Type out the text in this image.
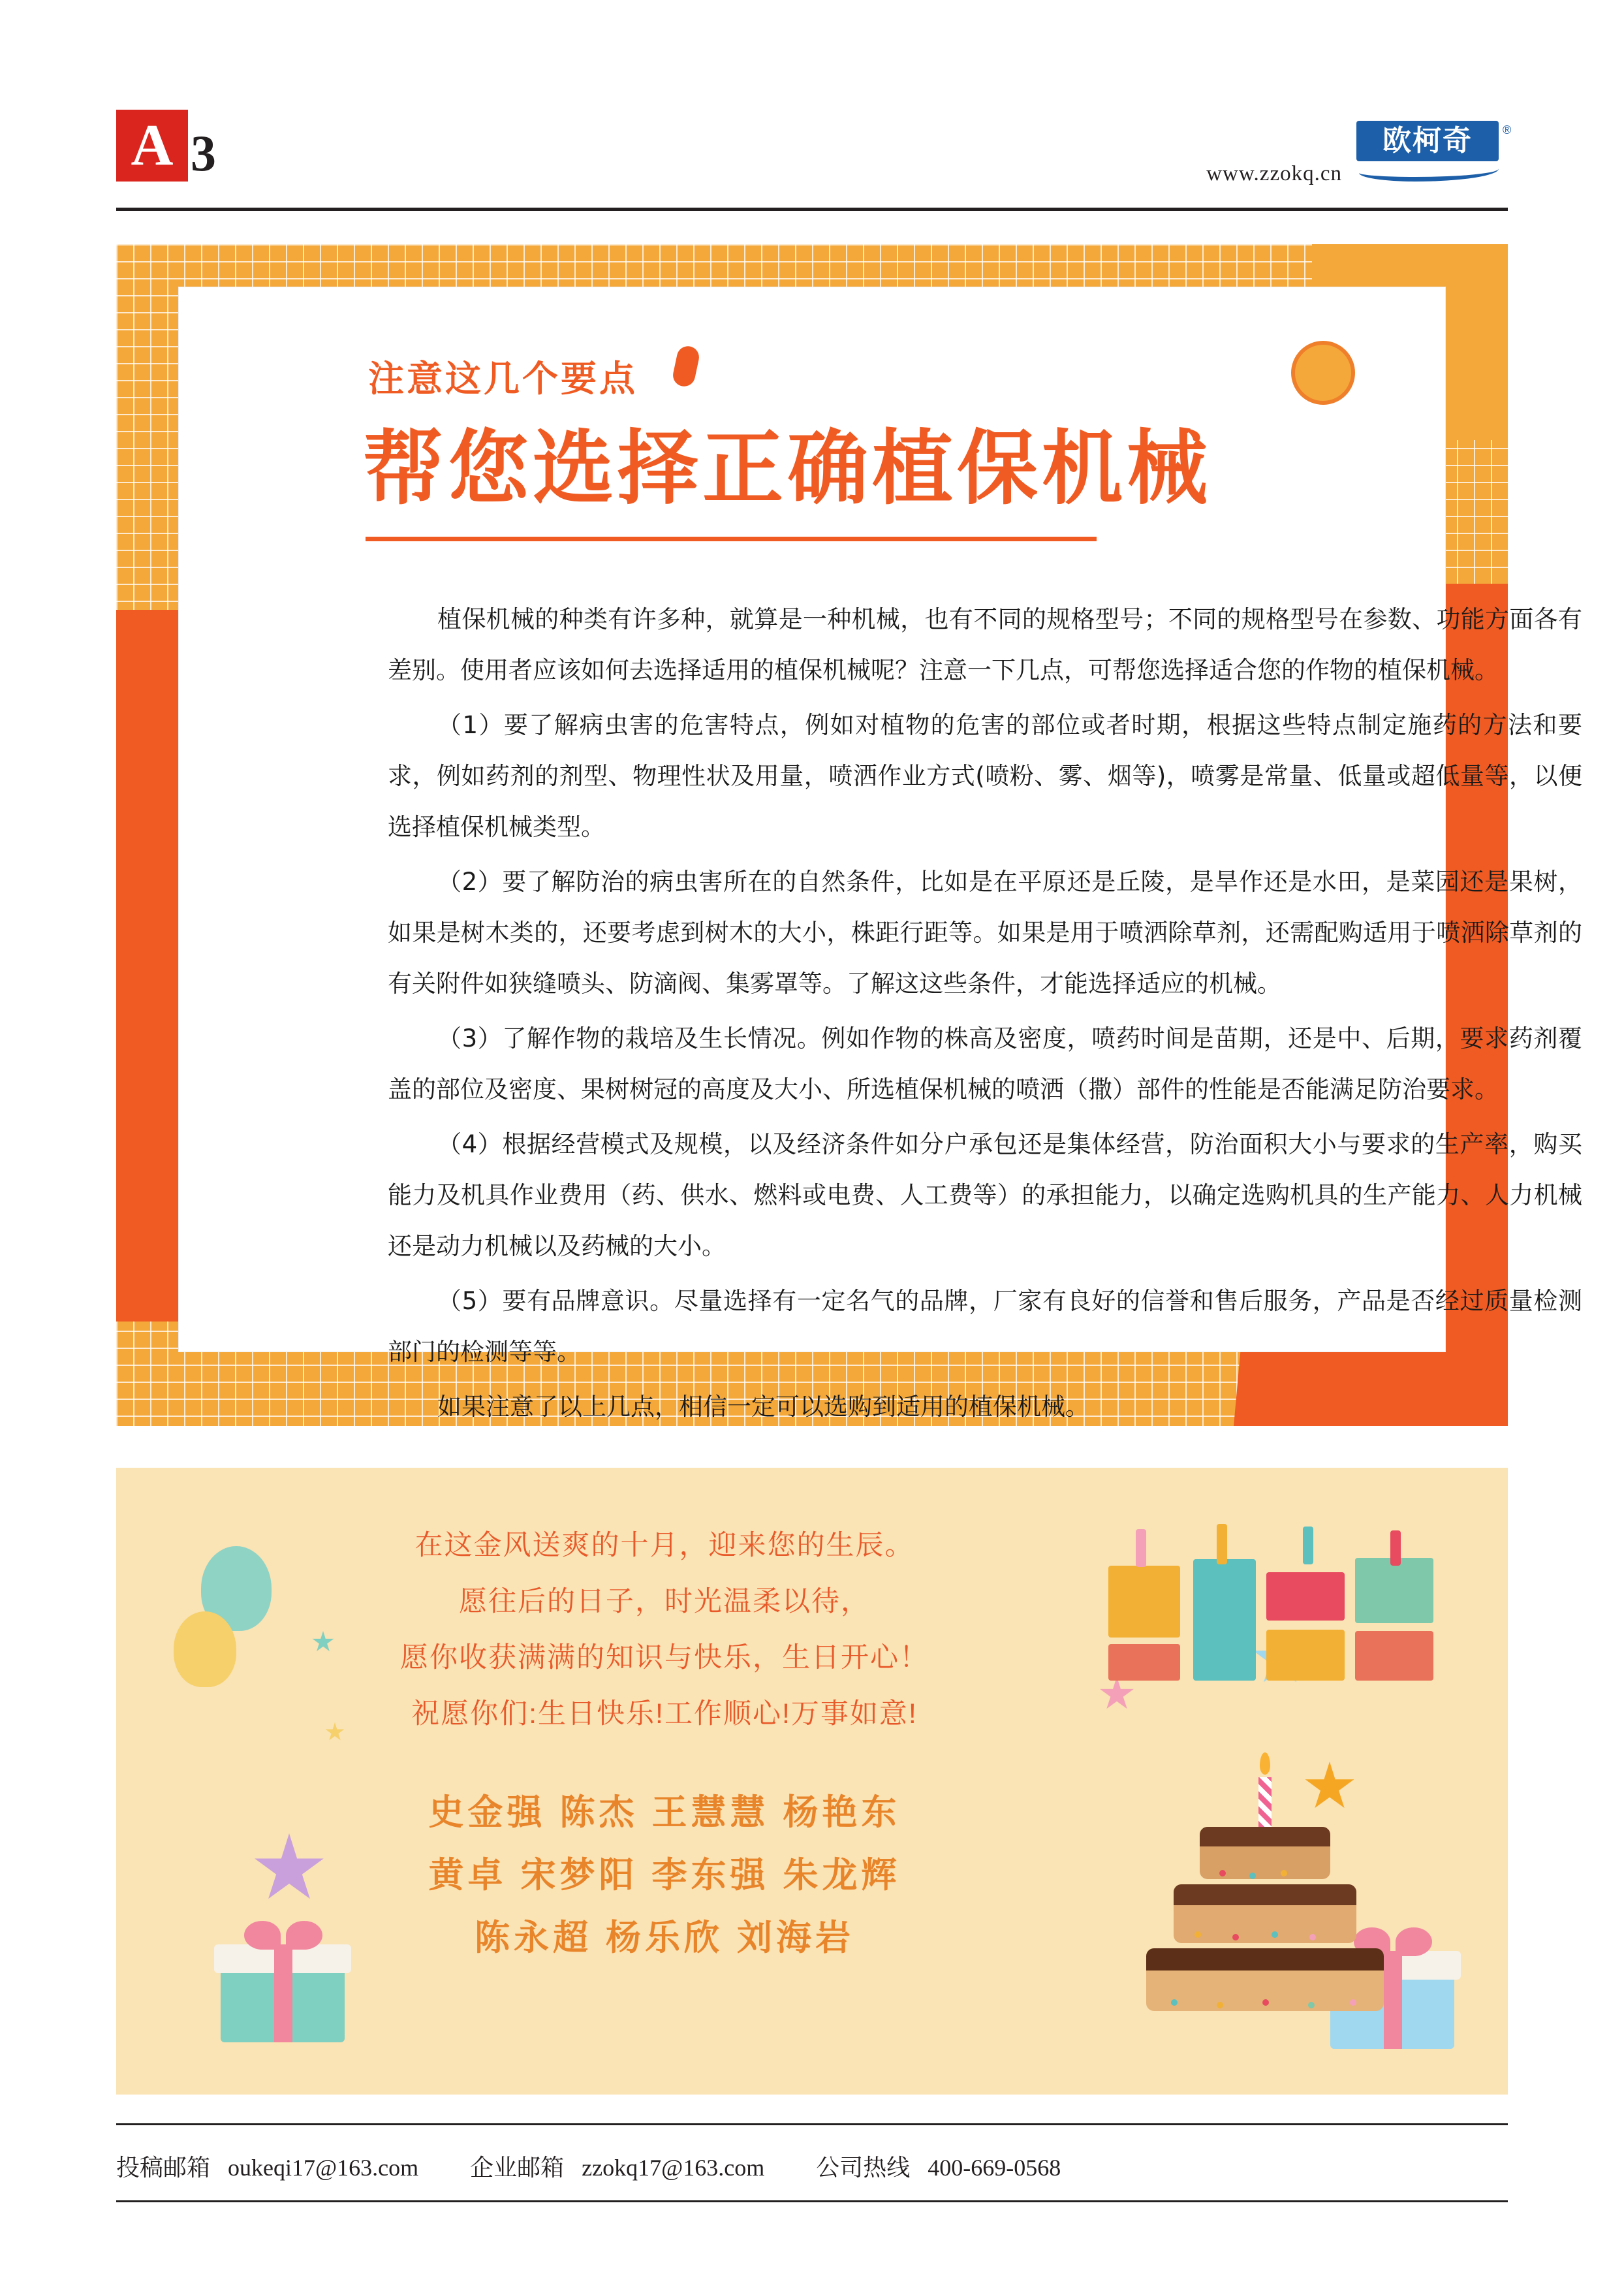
A 3	www.zzokq.cn
欧柯奇	®
注意这几个要点
帮您选择正确植保机械

植保机械的种类有许多种，就算是一种机械，也有不同的规格型号；不同的规格型号在参数、功能方面各有差别。使用者应该如何去选择适用的植保机械呢？注意一下几点，可帮您选择适合您的作物的植保机械。

（1）要了解病虫害的危害特点，例如对植物的危害的部位或者时期，根据这些特点制定施药的方法和要求，例如药剂的剂型、物理性状及用量，喷洒作业方式(喷粉、雾、烟等)，喷雾是常量、低量或超低量等，以便选择植保机械类型。

（2）要了解防治的病虫害所在的自然条件，比如是在平原还是丘陵，是旱作还是水田，是菜园还是果树，如果是树木类的，还要考虑到树木的大小，株距行距等。如果是用于喷洒除草剂，还需配购适用于喷洒除草剂的有关附件如狭缝喷头、防滴阀、集雾罩等。了解这这些条件，才能选择适应的机械。

（3）了解作物的栽培及生长情况。例如作物的株高及密度，喷药时间是苗期，还是中、后期，要求药剂覆盖的部位及密度、果树树冠的高度及大小、所选植保机械的喷洒（撒）部件的性能是否能满足防治要求。

（4）根据经营模式及规模，以及经济条件如分户承包还是集体经营，防治面积大小与要求的生产率，购买能力及机具作业费用（药、供水、燃料或电费、人工费等）的承担能力，以确定选购机具的生产能力、人力机械还是动力机械以及药械的大小。

（5）要有品牌意识。尽量选择有一定名气的品牌，厂家有良好的信誉和售后服务，产品是否经过质量检测部门的检测等等。

如果注意了以上几点，相信一定可以选购到适用的植保机械。

在这金风送爽的十月，迎来您的生辰。
愿往后的日子，时光温柔以待，
愿你收获满满的知识与快乐，生日开心！
祝愿你们:生日快乐!工作顺心!万事如意!
史金强 陈杰 王慧慧 杨艳东
黄卓 宋梦阳 李东强 朱龙辉
陈永超 杨乐欣 刘海岩
投稿邮箱 oukeqi17@163.com 企业邮箱 zzokq17@163.com 公司热线 400-669-0568
